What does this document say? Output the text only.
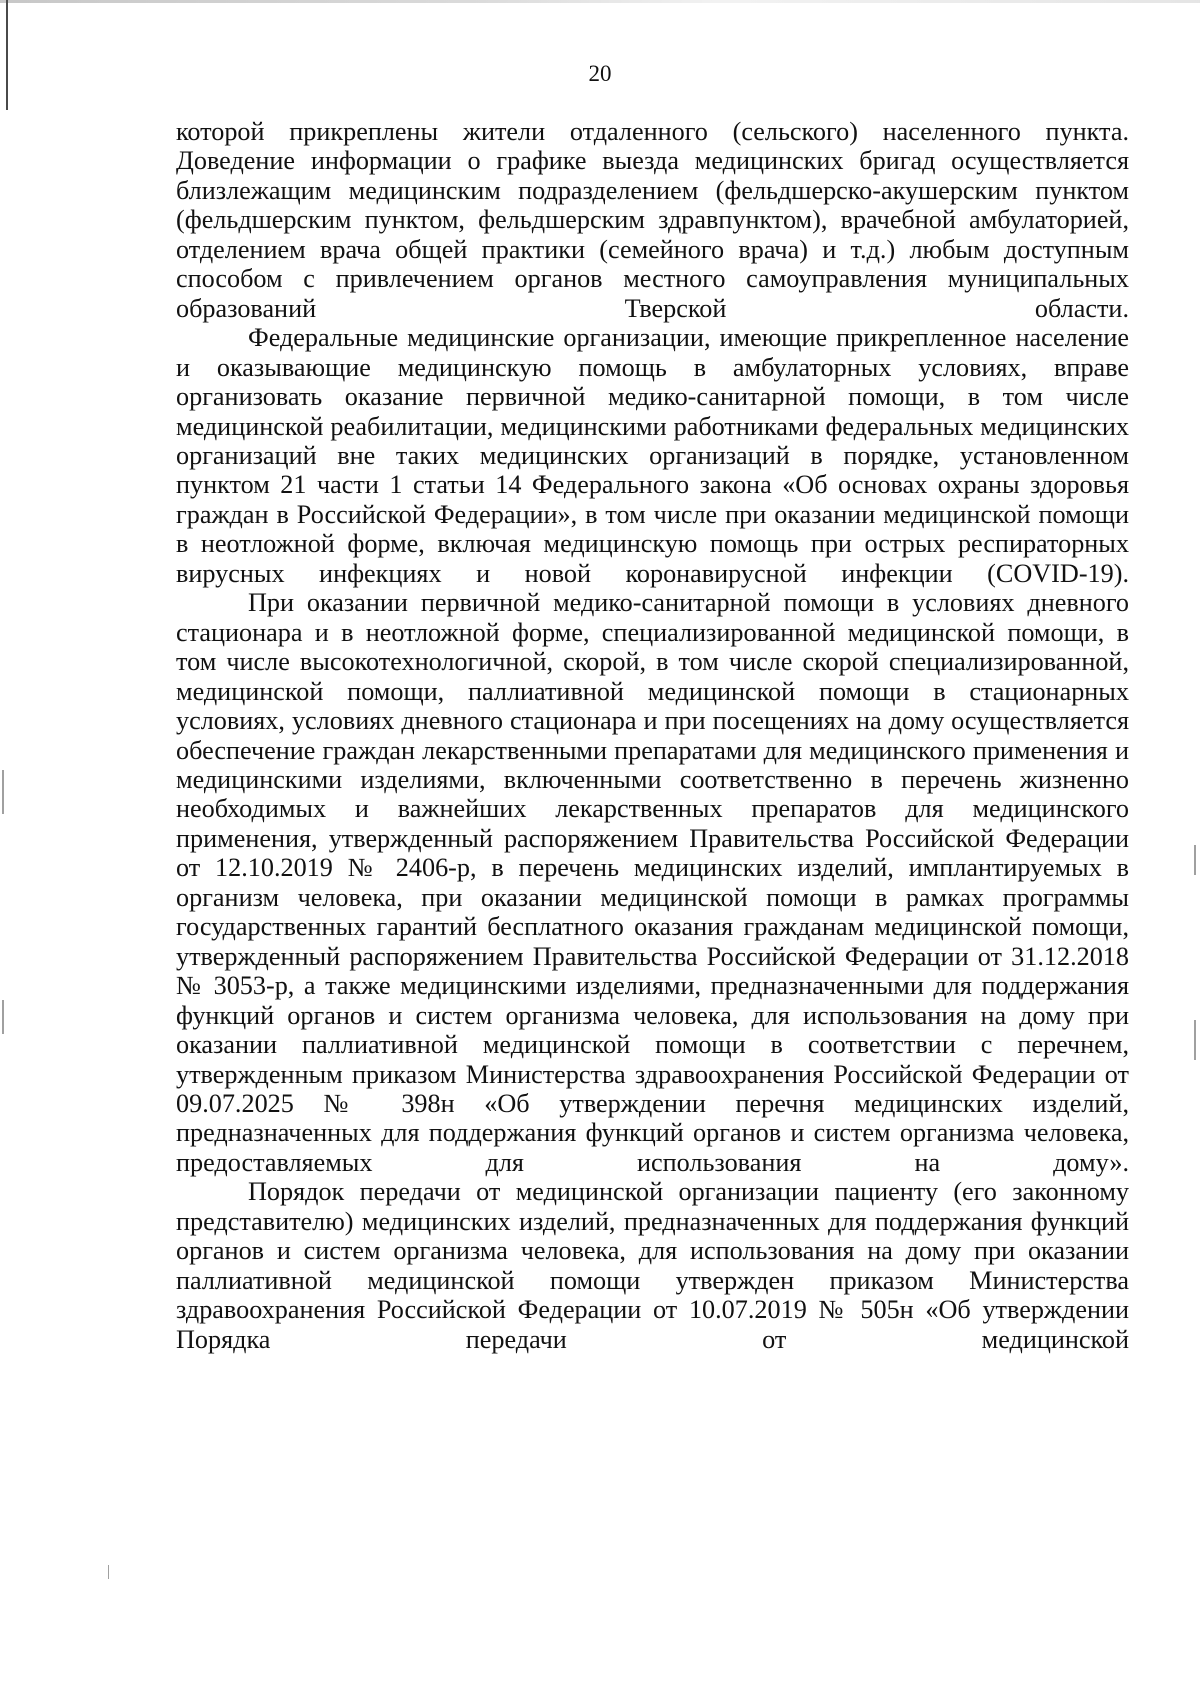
20

которой прикреплены жители отдаленного (сельского) населенного пункта. Доведение информации о графике выезда медицинских бригад осуществляется близлежащим медицинским подразделением (фельдшерско-акушерским пунктом (фельдшерским пунктом, фельдшерским здравпунктом), врачебной амбулаторией, отделением врача общей практики (семейного врача) и т.д.) любым доступным способом с привлечением органов местного самоуправления муниципальных образований Тверской области.

Федеральные медицинские организации, имеющие прикрепленное население и оказывающие медицинскую помощь в амбулаторных условиях, вправе организовать оказание первичной медико-санитарной помощи, в том числе медицинской реабилитации, медицинскими работниками федеральных медицинских организаций вне таких медицинских организаций в порядке, установленном пунктом 21 части 1 статьи 14 Федерального закона «Об основах охраны здоровья граждан в Российской Федерации», в том числе при оказании медицинской помощи в неотложной форме, включая медицинскую помощь при острых респираторных вирусных инфекциях и новой коронавирусной инфекции (COVID-19).

При оказании первичной медико-санитарной помощи в условиях дневного стационара и в неотложной форме, специализированной медицинской помощи, в том числе высокотехнологичной, скорой, в том числе скорой специализированной, медицинской помощи, паллиативной медицинской помощи в стационарных условиях, условиях дневного стационара и при посещениях на дому осуществляется обеспечение граждан лекарственными препаратами для медицинского применения и медицинскими изделиями, включенными соответственно в перечень жизненно необходимых и важнейших лекарственных препаратов для медицинского применения, утвержденный распоряжением Правительства Российской Федерации от 12.10.2019 № 2406-р, в перечень медицинских изделий, имплантируемых в организм человека, при оказании медицинской помощи в рамках программы государственных гарантий бесплатного оказания гражданам медицинской помощи, утвержденный распоряжением Правительства Российской Федерации от 31.12.2018 № 3053-р, а также медицинскими изделиями, предназначенными для поддержания функций органов и систем организма человека, для использования на дому при оказании паллиативной медицинской помощи в соответствии с перечнем, утвержденным приказом Министерства здравоохранения Российской Федерации от 09.07.2025 № 398н «Об утверждении перечня медицинских изделий, предназначенных для поддержания функций органов и систем организма человека, предоставляемых для использования на дому».

Порядок передачи от медицинской организации пациенту (его законному представителю) медицинских изделий, предназначенных для поддержания функций органов и систем организма человека, для использования на дому при оказании паллиативной медицинской помощи утвержден приказом Министерства здравоохранения Российской Федерации от 10.07.2019 № 505н «Об утверждении Порядка передачи от медицинской
